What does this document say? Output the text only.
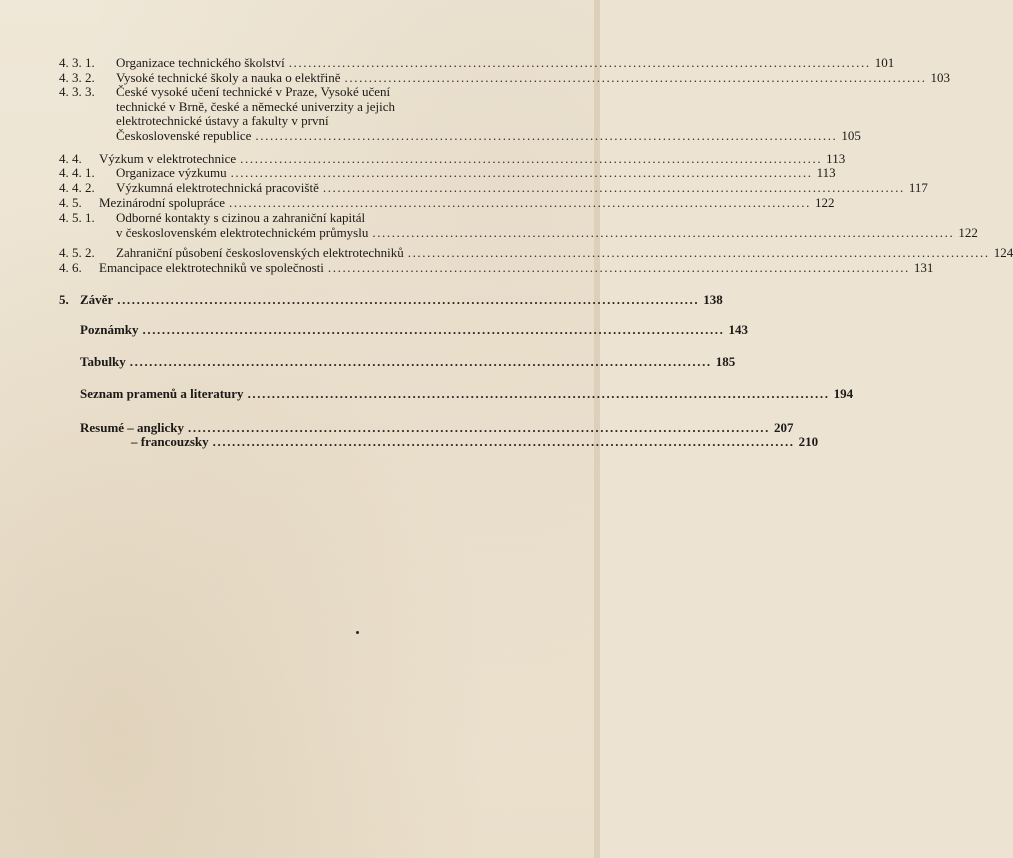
4. 3. 1. Organizace technického školství ........................................................................................................................ 101
4. 3. 2. Vysoké technické školy a nauka o elektřině ........................................................................................................................ 103
4. 3. 3. České vysoké učení technické v Praze, Vysoké učení
technické v Brně, české a německé univerzity a jejich
elektrotechnické ústavy a fakulty v první
Československé republice ........................................................................................................................ 105
4. 4. Výzkum v elektrotechnice ........................................................................................................................ 113
4. 4. 1. Organizace výzkumu ........................................................................................................................ 113
4. 4. 2. Výzkumná elektrotechnická pracoviště ........................................................................................................................ 117
4. 5. Mezinárodní spolupráce ........................................................................................................................ 122
4. 5. 1. Odborné kontakty s cizinou a zahraniční kapitál
v československém elektrotechnickém průmyslu ........................................................................................................................ 122
4. 5. 2. Zahraniční působení československých elektrotechniků ........................................................................................................................ 124
4. 6. Emancipace elektrotechniků ve společnosti ........................................................................................................................ 131
5. Závěr ........................................................................................................................ 138
Poznámky ........................................................................................................................ 143
Tabulky ........................................................................................................................ 185
Seznam pramenů a literatury ........................................................................................................................ 194
Resumé – anglicky ........................................................................................................................ 207
– francouzsky ........................................................................................................................ 210
